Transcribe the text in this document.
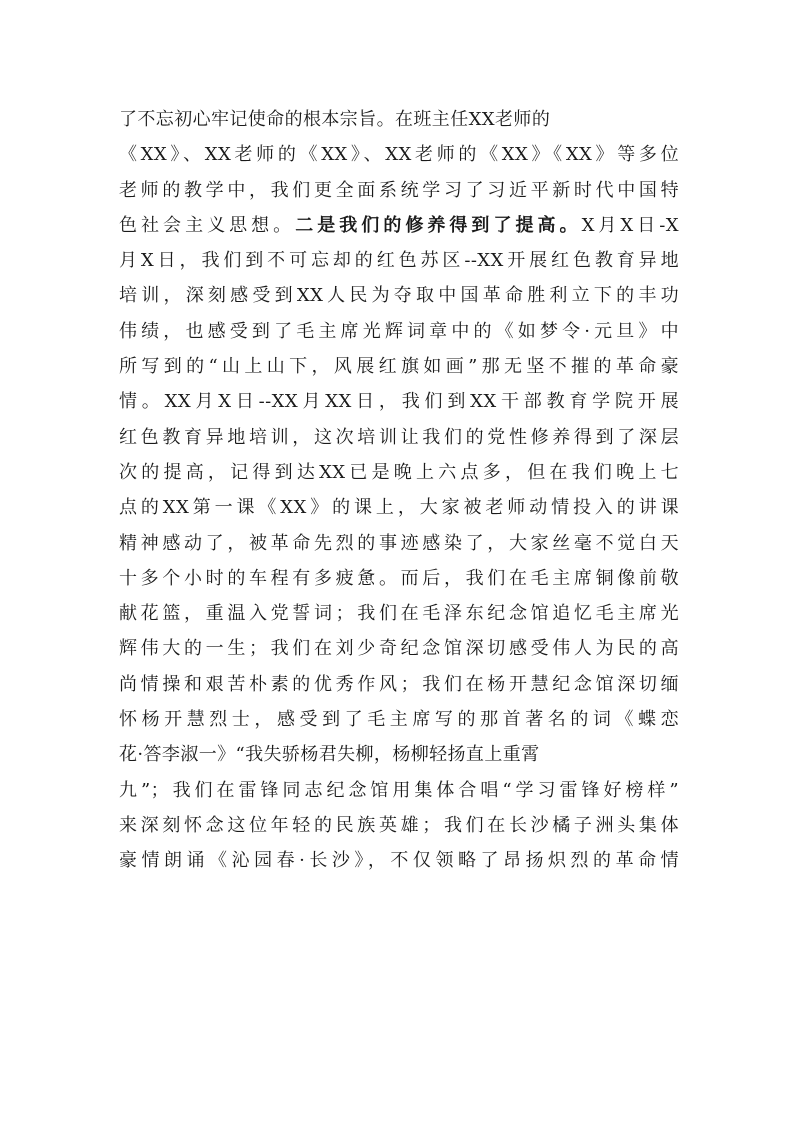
了不忘初心牢记使命的根本宗旨。在班主任XX老师的
《XX》、XX老师的《XX》、XX老师的《XX》《XX》等多位
老师的教学中，我们更全面系统学习了习近平新时代中国特
色社会主义思想。二是我们的修养得到了提高。X月X日-X
月X日，我们到不可忘却的红色苏区--XX开展红色教育异地
培训，深刻感受到XX人民为夺取中国革命胜利立下的丰功
伟绩，也感受到了毛主席光辉词章中的《如梦令·元旦》中
所写到的“山上山下，风展红旗如画”那无坚不摧的革命豪
情。XX月X日--XX月XX日，我们到XX干部教育学院开展
红色教育异地培训，这次培训让我们的党性修养得到了深层
次的提高，记得到达XX已是晚上六点多，但在我们晚上七
点的XX第一课《XX》的课上，大家被老师动情投入的讲课
精神感动了，被革命先烈的事迹感染了，大家丝毫不觉白天
十多个小时的车程有多疲惫。而后，我们在毛主席铜像前敬
献花篮，重温入党誓词；我们在毛泽东纪念馆追忆毛主席光
辉伟大的一生；我们在刘少奇纪念馆深切感受伟人为民的高
尚情操和艰苦朴素的优秀作风；我们在杨开慧纪念馆深切缅
怀杨开慧烈士，感受到了毛主席写的那首著名的词《蝶恋
花·答李淑一》“我失骄杨君失柳，杨柳轻扬直上重霄
九”；我们在雷锋同志纪念馆用集体合唱“学习雷锋好榜样”
来深刻怀念这位年轻的民族英雄；我们在长沙橘子洲头集体
豪情朗诵《沁园春·长沙》，不仅领略了昂扬炽烈的革命情
